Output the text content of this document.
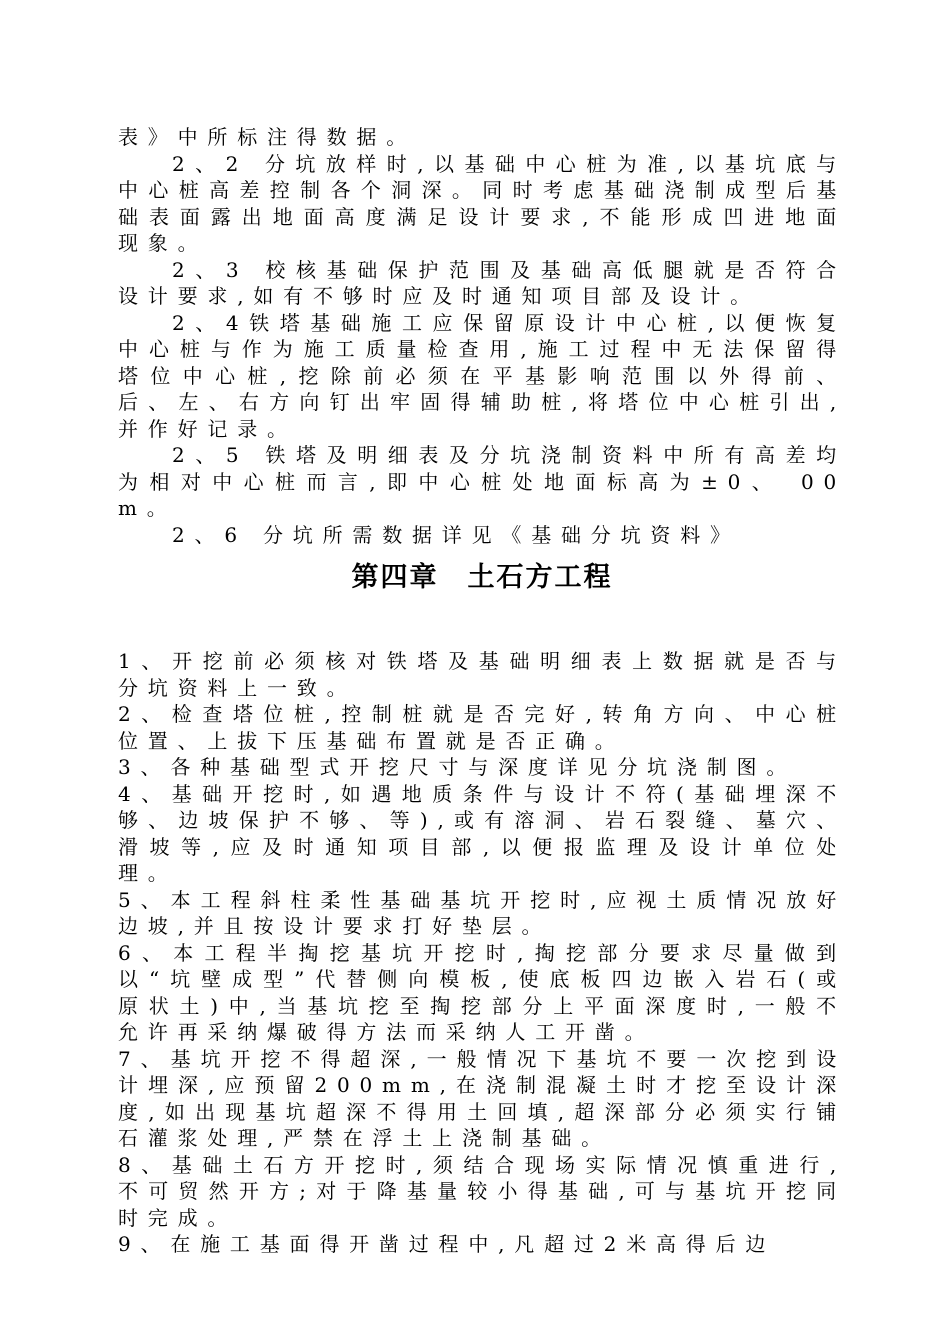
表》中所标注得数据。

2、2 分坑放样时,以基础中心桩为准,以基坑底与中心桩高差控制各个洞深。同时考虑基础浇制成型后基础表面露出地面高度满足设计要求,不能形成凹进地面现象。

2、3 校核基础保护范围及基础高低腿就是否符合设计要求,如有不够时应及时通知项目部及设计。

2、4铁塔基础施工应保留原设计中心桩,以便恢复中心桩与作为施工质量检查用,施工过程中无法保留得塔位中心桩,挖除前必须在平基影响范围以外得前、后、左、右方向钉出牢固得辅助桩,将塔位中心桩引出,并作好记录。

2、5 铁塔及明细表及分坑浇制资料中所有高差均为相对中心桩而言,即中心桩处地面标高为±0、 00m。

2、6 分坑所需数据详见《基础分坑资料》

第四章　土石方工程

1、开挖前必须核对铁塔及基础明细表上数据就是否与分坑资料上一致。

2、检查塔位桩,控制桩就是否完好,转角方向、中心桩位置、上拔下压基础布置就是否正确。

3、各种基础型式开挖尺寸与深度详见分坑浇制图。

4、基础开挖时,如遇地质条件与设计不符(基础埋深不够、边坡保护不够、等),或有溶洞、岩石裂缝、墓穴、滑坡等,应及时通知项目部,以便报监理及设计单位处理。

5、本工程斜柱柔性基础基坑开挖时,应视土质情况放好边坡,并且按设计要求打好垫层。

6、本工程半掏挖基坑开挖时,掏挖部分要求尽量做到以“坑壁成型”代替侧向模板,使底板四边嵌入岩石(或原状土)中,当基坑挖至掏挖部分上平面深度时,一般不允许再采纳爆破得方法而采纳人工开凿。

7、基坑开挖不得超深,一般情况下基坑不要一次挖到设计埋深,应预留200mm,在浇制混凝土时才挖至设计深度,如出现基坑超深不得用土回填,超深部分必须实行铺石灌浆处理,严禁在浮土上浇制基础。

8、基础土石方开挖时,须结合现场实际情况慎重进行,不可贸然开方;对于降基量较小得基础,可与基坑开挖同时完成。

9、在施工基面得开凿过程中,凡超过2米高得后边
